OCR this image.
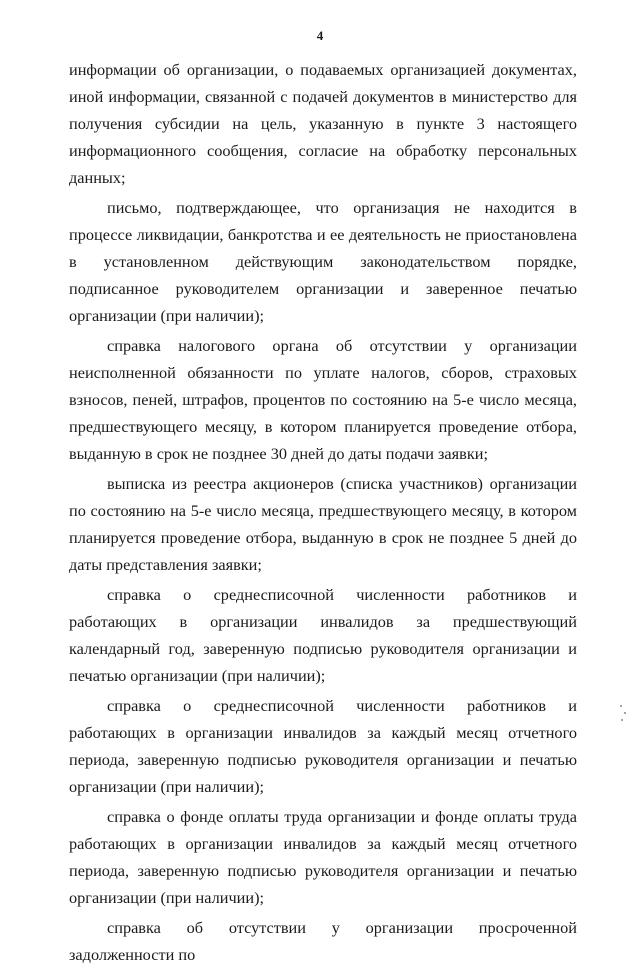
4

информации об организации, о подаваемых организацией документах, иной информации, связанной с подачей документов в министерство для получения субсидии на цель, указанную в пункте 3 настоящего информационного сообщения, согласие на обработку персональных данных;

письмо, подтверждающее, что организация не находится в процессе ликвидации, банкротства и ее деятельность не приостановлена в установленном действующим законодательством порядке, подписанное руководителем организации и заверенное печатью организации (при наличии);

справка налогового органа об отсутствии у организации неисполненной обязанности по уплате налогов, сборов, страховых взносов, пеней, штрафов, процентов по состоянию на 5-е число месяца, предшествующего месяцу, в котором планируется проведение отбора, выданную в срок не позднее 30 дней до даты подачи заявки;

выписка из реестра акционеров (списка участников) организации по состоянию на 5-е число месяца, предшествующего месяцу, в котором планируется проведение отбора, выданную в срок не позднее 5 дней до даты представления заявки;

справка о среднесписочной численности работников и работающих в организации инвалидов за предшествующий календарный год, заверенную подписью руководителя организации и печатью организации (при наличии);

справка о среднесписочной численности работников и работающих в организации инвалидов за каждый месяц отчетного периода, заверенную подписью руководителя организации и печатью организации (при наличии);

справка о фонде оплаты труда организации и фонде оплаты труда работающих в организации инвалидов за каждый месяц отчетного периода, заверенную подписью руководителя организации и печатью организации (при наличии);

справка об отсутствии у организации просроченной задолженности по
